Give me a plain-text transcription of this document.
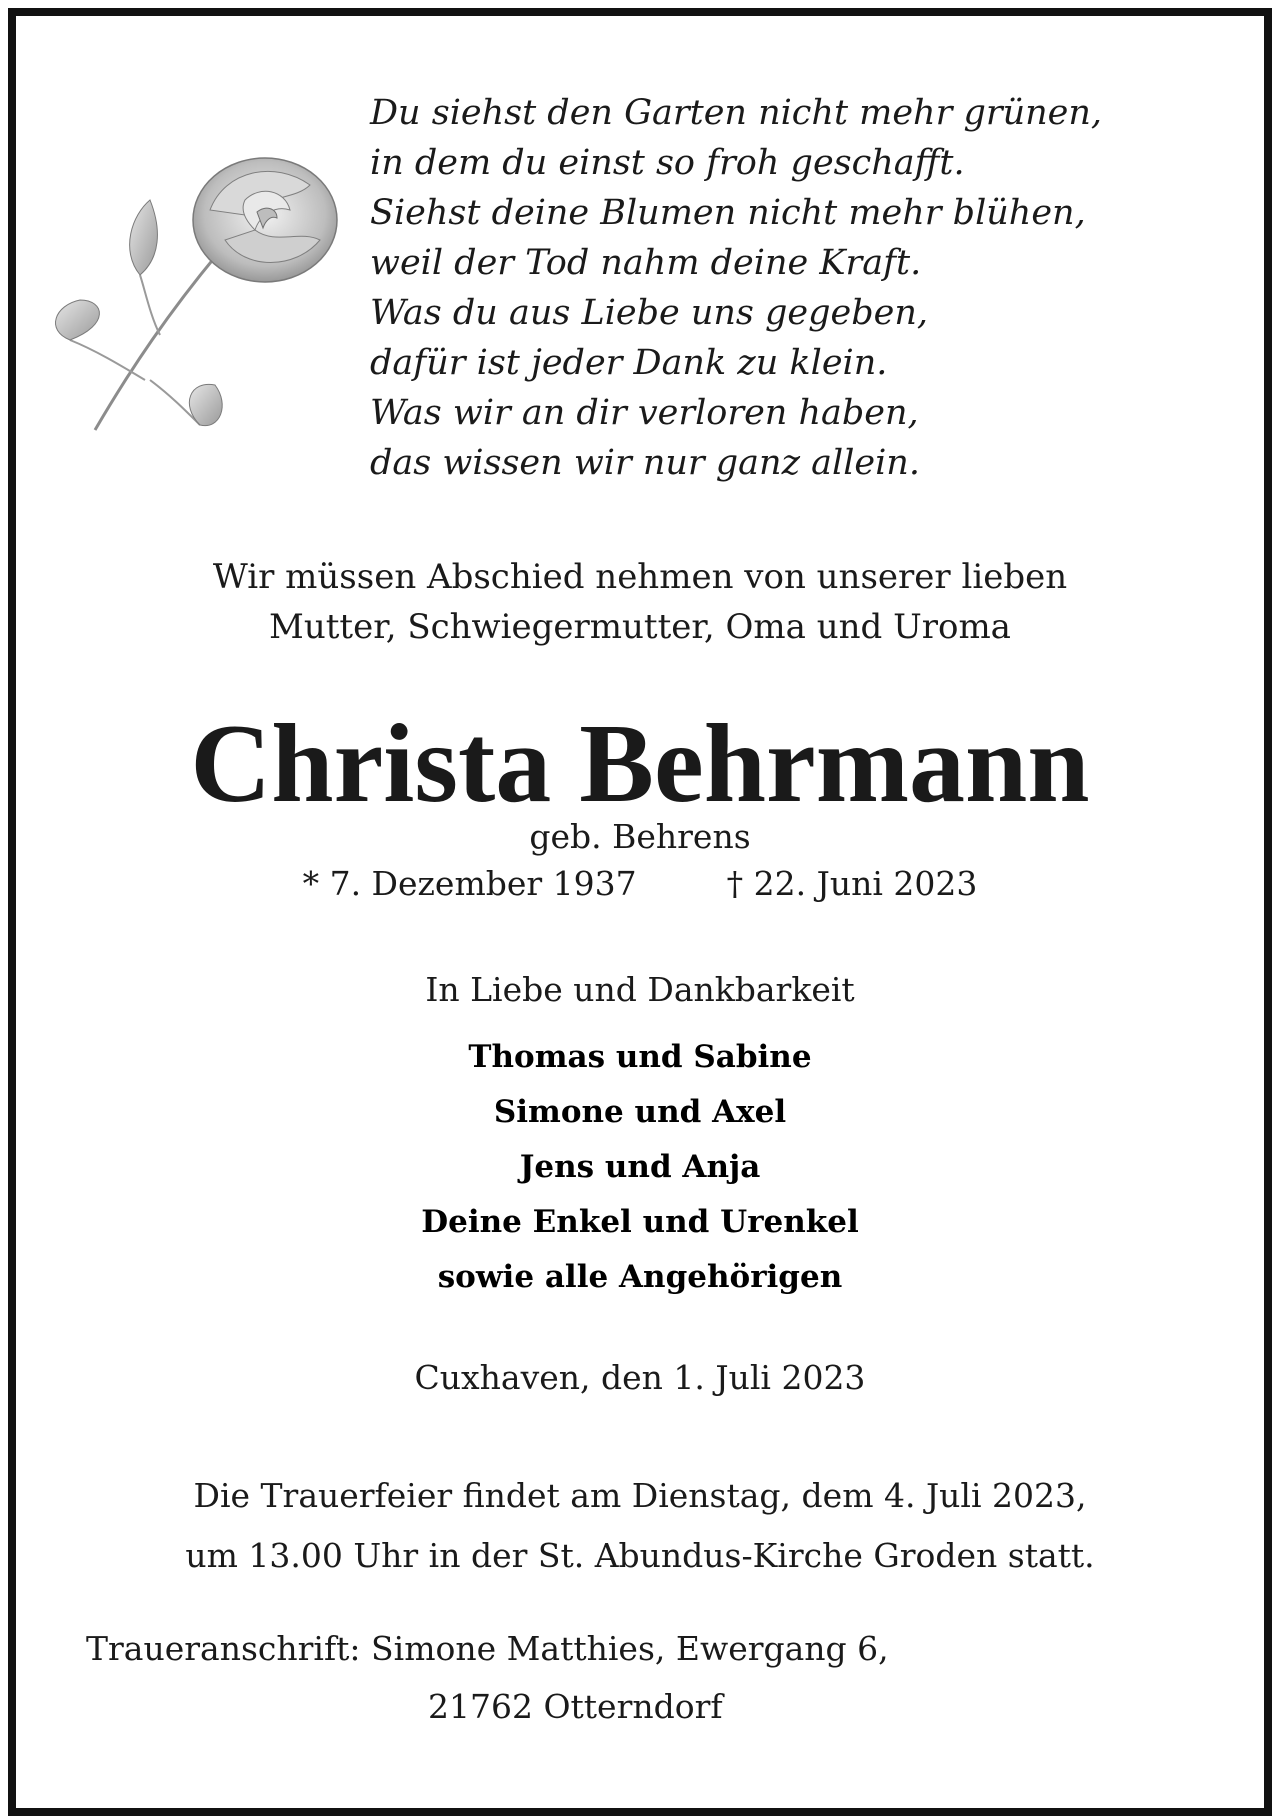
Du siehst den Garten nicht mehr grünen,
in dem du einst so froh geschafft.
Siehst deine Blumen nicht mehr blühen,
weil der Tod nahm deine Kraft.
Was du aus Liebe uns gegeben,
dafür ist jeder Dank zu klein.
Was wir an dir verloren haben,
das wissen wir nur ganz allein.
Wir müssen Abschied nehmen von unserer lieben
Mutter, Schwiegermutter, Oma und Uroma
Christa Behrmann
geb. Behrens
* 7. Dezember 1937	† 22. Juni 2023
In Liebe und Dankbarkeit
Thomas und Sabine
Simone und Axel
Jens und Anja
Deine Enkel und Urenkel
sowie alle Angehörigen
Cuxhaven, den 1. Juli 2023
Die Trauerfeier findet am Dienstag, dem 4. Juli 2023,
um 13.00 Uhr in der St. Abundus-Kirche Groden statt.
Traueranschrift: Simone Matthies, Ewergang 6,
21762 Otterndorf
